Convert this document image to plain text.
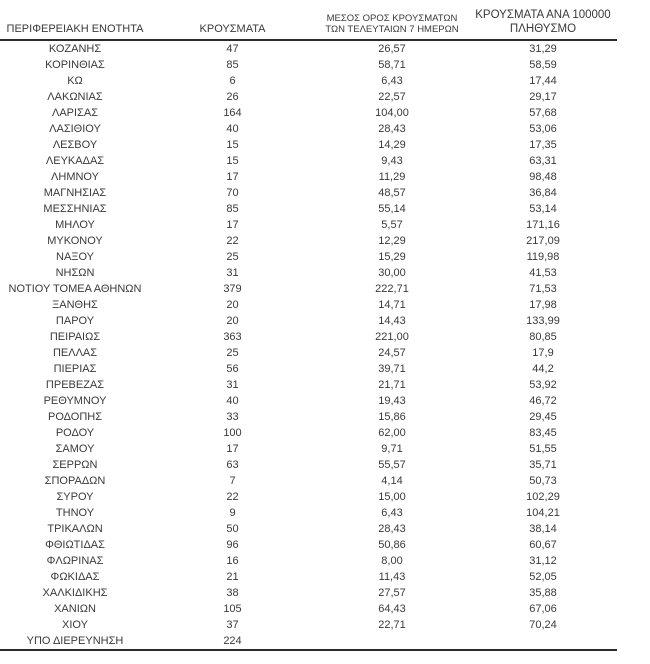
ΠΕΡΙΦΕΡΕΙΑΚΗ ΕΝΟΤΗΤΑ	ΚΡΟΥΣΜΑΤΑ	ΜΕΣΟΣ ΟΡΟΣ ΚΡΟΥΣΜΑΤΩΝ
ΤΩΝ ΤΕΛΕΥΤΑΙΩΝ 7 ΗΜΕΡΩΝ	ΚΡΟΥΣΜΑΤΑ ΑΝΑ 100000
ΠΛΗΘΥΣΜΟ

ΚΟΖΑΝΗΣ	47	26,57	31,29
ΚΟΡΙΝΘΙΑΣ	85	58,71	58,59
ΚΩ	6	6,43	17,44
ΛΑΚΩΝΙΑΣ	26	22,57	29,17
ΛΑΡΙΣΑΣ	164	104,00	57,68
ΛΑΣΙΘΙΟΥ	40	28,43	53,06
ΛΕΣΒΟΥ	15	14,29	17,35
ΛΕΥΚΑΔΑΣ	15	9,43	63,31
ΛΗΜΝΟΥ	17	11,29	98,48
ΜΑΓΝΗΣΙΑΣ	70	48,57	36,84
ΜΕΣΣΗΝΙΑΣ	85	55,14	53,14
ΜΗΛΟΥ	17	5,57	171,16
ΜΥΚΟΝΟΥ	22	12,29	217,09
ΝΑΞΟΥ	25	15,29	119,98
ΝΗΣΩΝ	31	30,00	41,53
ΝΟΤΙΟΥ ΤΟΜΕΑ ΑΘΗΝΩΝ	379	222,71	71,53
ΞΑΝΘΗΣ	20	14,71	17,98
ΠΑΡΟΥ	20	14,43	133,99
ΠΕΙΡΑΙΩΣ	363	221,00	80,85
ΠΕΛΛΑΣ	25	24,57	17,9
ΠΙΕΡΙΑΣ	56	39,71	44,2
ΠΡΕΒΕΖΑΣ	31	21,71	53,92
ΡΕΘΥΜΝΟΥ	40	19,43	46,72
ΡΟΔΟΠΗΣ	33	15,86	29,45
ΡΟΔΟΥ	100	62,00	83,45
ΣΑΜΟΥ	17	9,71	51,55
ΣΕΡΡΩΝ	63	55,57	35,71
ΣΠΟΡΑΔΩΝ	7	4,14	50,73
ΣΥΡΟΥ	22	15,00	102,29
ΤΗΝΟΥ	9	6,43	104,21
ΤΡΙΚΑΛΩΝ	50	28,43	38,14
ΦΘΙΩΤΙΔΑΣ	96	50,86	60,67
ΦΛΩΡΙΝΑΣ	16	8,00	31,12
ΦΩΚΙΔΑΣ	21	11,43	52,05
ΧΑΛΚΙΔΙΚΗΣ	38	27,57	35,88
ΧΑΝΙΩΝ	105	64,43	67,06
ΧΙΟΥ	37	22,71	70,24
ΥΠΟ ΔΙΕΡΕΥΝΗΣΗ	224		
